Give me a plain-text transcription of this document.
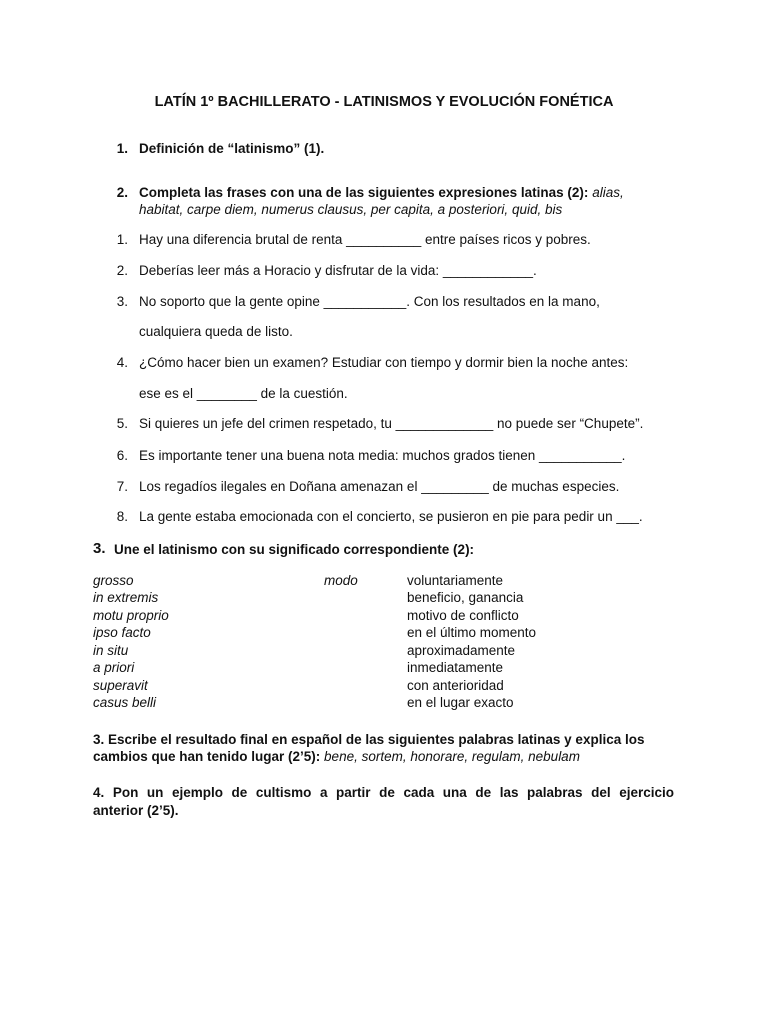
LATÍN 1º BACHILLERATO - LATINISMOS Y EVOLUCIÓN FONÉTICA
1. Definición de “latinismo” (1).
2. Completa las frases con una de las siguientes expresiones latinas (2): alias,
habitat, carpe diem, numerus clausus, per capita, a posteriori, quid, bis
1. Hay una diferencia brutal de renta __________ entre países ricos y pobres.
2. Deberías leer más a Horacio y disfrutar de la vida: ____________.
3. No soporto que la gente opine ___________. Con los resultados en la mano,
cualquiera queda de listo.
4. ¿Cómo hacer bien un examen? Estudiar con tiempo y dormir bien la noche antes:
ese es el ________ de la cuestión.
5. Si quieres un jefe del crimen respetado, tu _____________ no puede ser “Chupete”.
6. Es importante tener una buena nota media: muchos grados tienen ___________.
7. Los regadíos ilegales en Doñana amenazan el _________ de muchas especies.
8. La gente estaba emocionada con el concierto, se pusieron en pie para pedir un ___.
3. Une el latinismo con su significado correspondiente (2):
grosso
in extremis
motu proprio
ipso facto
in situ
a priori
superavit
casus belli
modo	voluntariamente
beneficio, ganancia
motivo de conflicto
en el último momento
aproximadamente
inmediatamente
con anterioridad
en el lugar exacto
3. Escribe el resultado final en español de las siguientes palabras latinas y explica los
cambios que han tenido lugar (2’5): bene, sortem, honorare, regulam, nebulam
4. Pon un ejemplo de cultismo a partir de cada una de las palabras del ejercicio
anterior (2’5).
